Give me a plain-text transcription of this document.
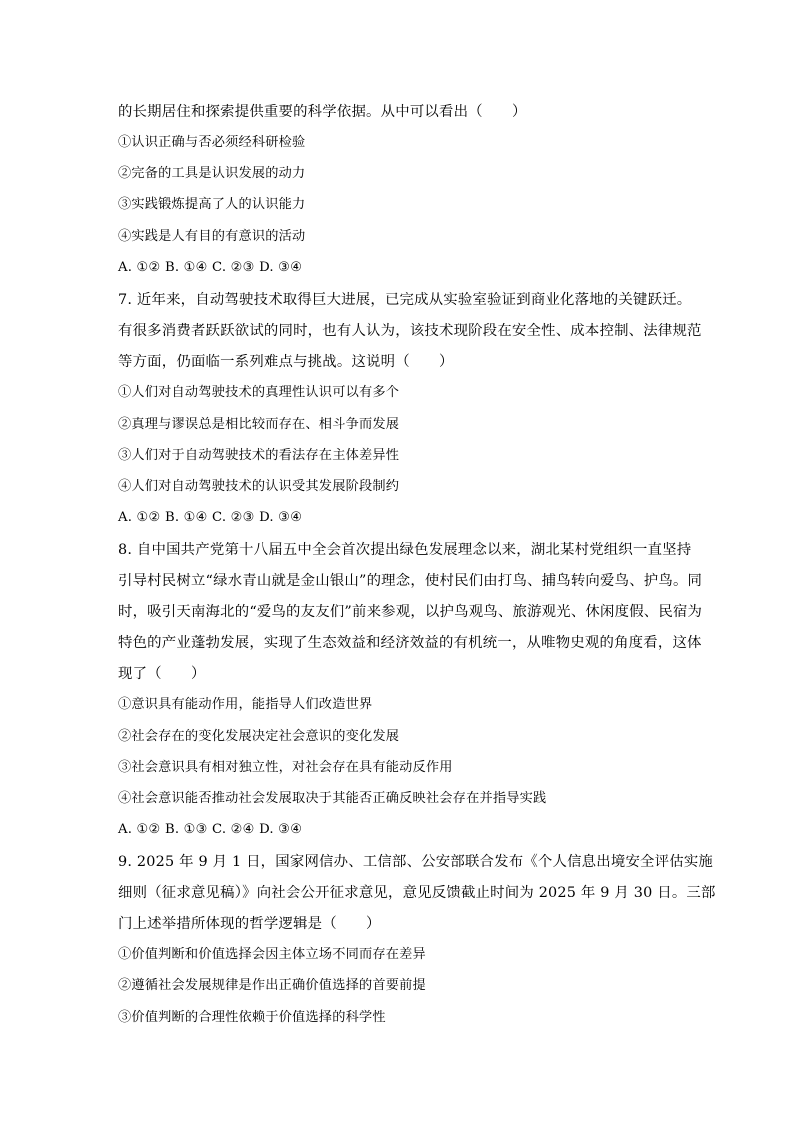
的长期居住和探索提供重要的科学依据。从中可以看出（　　）
①认识正确与否必须经科研检验
②完备的工具是认识发展的动力
③实践锻炼提高了人的认识能力
④实践是人有目的有意识的活动
A. ①② B. ①④ C. ②③ D. ③④
7. 近年来，自动驾驶技术取得巨大进展，已完成从实验室验证到商业化落地的关键跃迁。
有很多消费者跃跃欲试的同时，也有人认为，该技术现阶段在安全性、成本控制、法律规范
等方面，仍面临一系列难点与挑战。这说明（　　）
①人们对自动驾驶技术的真理性认识可以有多个
②真理与谬误总是相比较而存在、相斗争而发展
③人们对于自动驾驶技术的看法存在主体差异性
④人们对自动驾驶技术的认识受其发展阶段制约
A. ①② B. ①④ C. ②③ D. ③④
8. 自中国共产党第十八届五中全会首次提出绿色发展理念以来，湖北某村党组织一直坚持
引导村民树立“绿水青山就是金山银山”的理念，使村民们由打鸟、捕鸟转向爱鸟、护鸟。同
时，吸引天南海北的“爱鸟的友友们”前来参观，以护鸟观鸟、旅游观光、休闲度假、民宿为
特色的产业蓬勃发展，实现了生态效益和经济效益的有机统一，从唯物史观的角度看，这体
现了（　　）
①意识具有能动作用，能指导人们改造世界
②社会存在的变化发展决定社会意识的变化发展
③社会意识具有相对独立性，对社会存在具有能动反作用
④社会意识能否推动社会发展取决于其能否正确反映社会存在并指导实践
A. ①② B. ①③ C. ②④ D. ③④
9. 2025 年 9 月 1 日，国家网信办、工信部、公安部联合发布《个人信息出境安全评估实施
细则（征求意见稿）》向社会公开征求意见，意见反馈截止时间为 2025 年 9 月 30 日。三部
门上述举措所体现的哲学逻辑是（　　）
①价值判断和价值选择会因主体立场不同而存在差异
②遵循社会发展规律是作出正确价值选择的首要前提
③价值判断的合理性依赖于价值选择的科学性
